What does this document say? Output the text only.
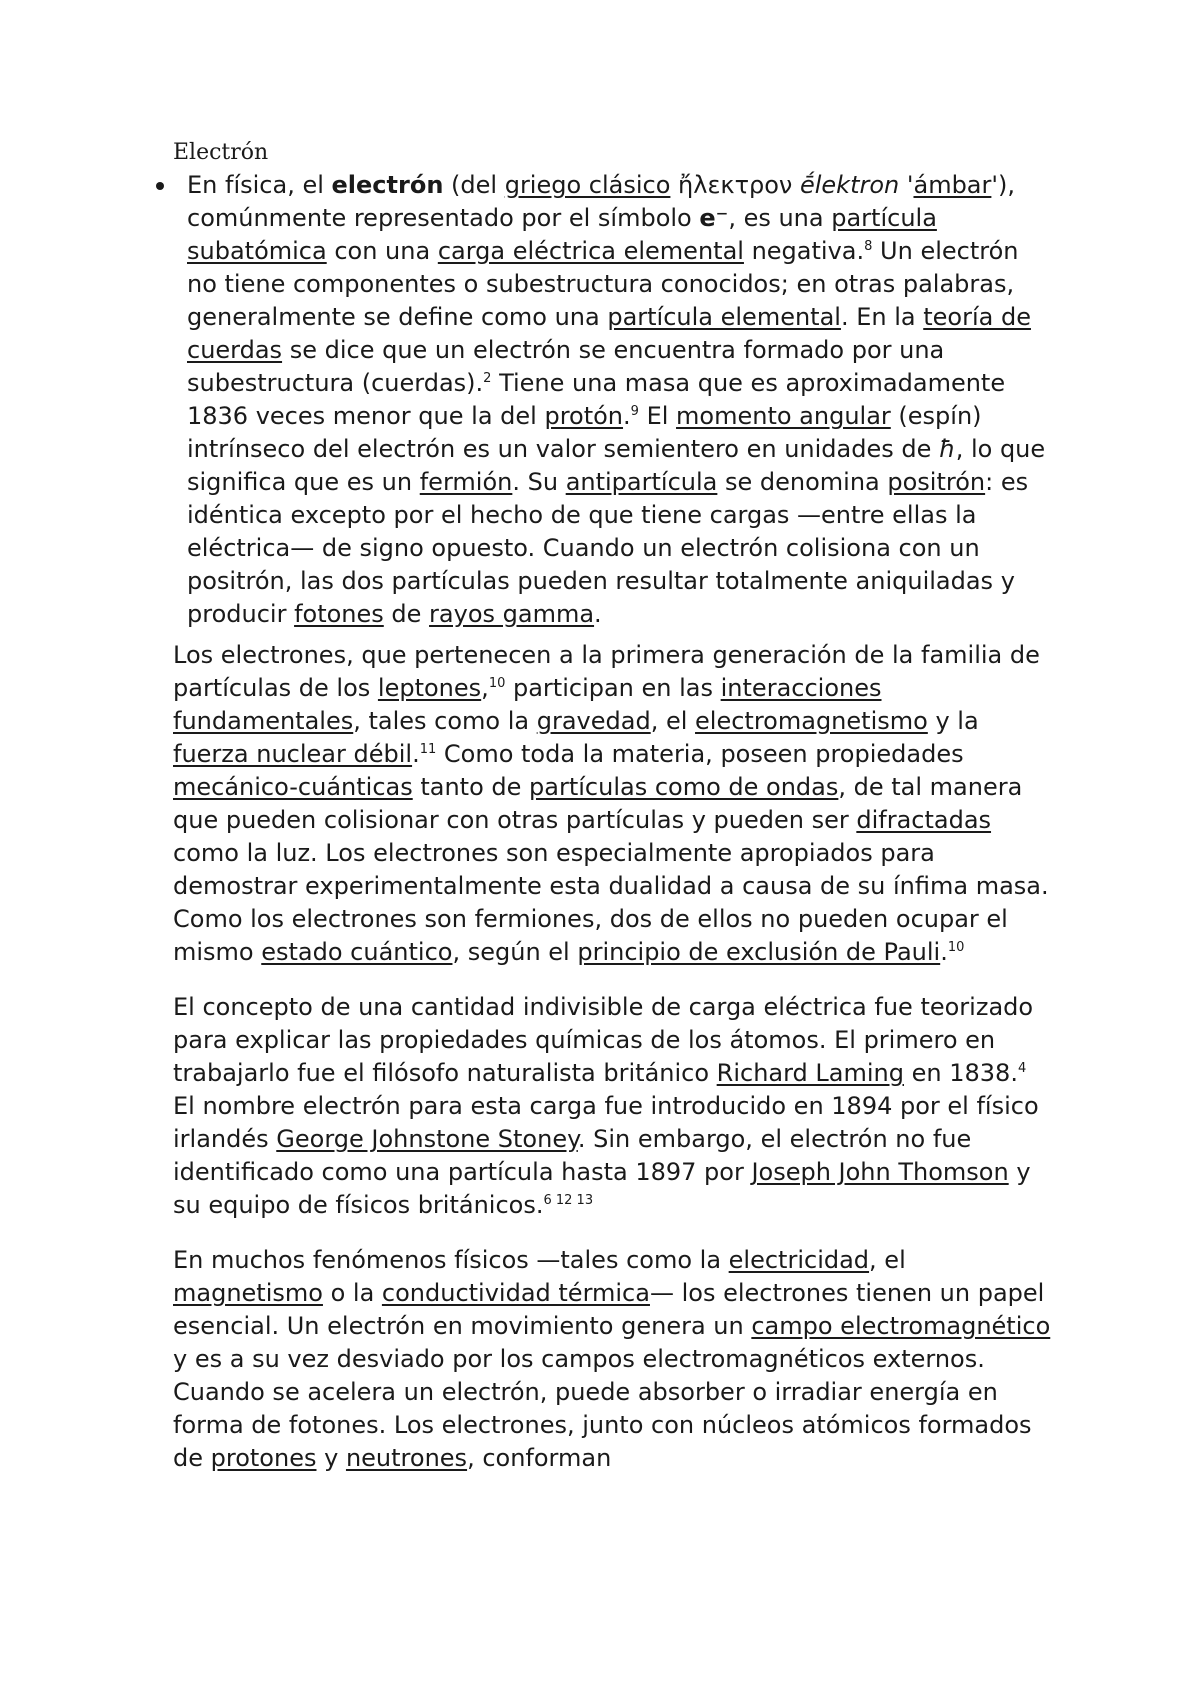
Electrón
En física, el electrón (del griego clásico ἤλεκτρον ḗlektron 'ámbar'), comúnmente representado por el símbolo e⁻, es una partícula subatómica con una carga eléctrica elemental negativa.$^8$ Un electrón no tiene componentes o subestructura conocidos; en otras palabras, generalmente se define como una partícula elemental. En la teoría de cuerdas se dice que un electrón se encuentra formado por una subestructura (cuerdas).$^2$ Tiene una masa que es aproximadamente 1836 veces menor que la del protón.$^9$ El momento angular (espín) intrínseco del electrón es un valor semientero en unidades de ħ, lo que significa que es un fermión. Su antipartícula se denomina positrón: es idéntica excepto por el hecho de que tiene cargas —entre ellas la eléctrica— de signo opuesto. Cuando un electrón colisiona con un positrón, las dos partículas pueden resultar totalmente aniquiladas y producir fotones de rayos gamma.

Los electrones, que pertenecen a la primera generación de la familia de partículas de los leptones,$^{10}$ participan en las interacciones fundamentales, tales como la gravedad, el electromagnetismo y la fuerza nuclear débil.$^{11}$ Como toda la materia, poseen propiedades mecánico-cuánticas tanto de partículas como de ondas, de tal manera que pueden colisionar con otras partículas y pueden ser difractadas como la luz. Los electrones son especialmente apropiados para demostrar experimentalmente esta dualidad a causa de su ínfima masa. Como los electrones son fermiones, dos de ellos no pueden ocupar el mismo estado cuántico, según el principio de exclusión de Pauli.$^{10}$

El concepto de una cantidad indivisible de carga eléctrica fue teorizado para explicar las propiedades químicas de los átomos. El primero en trabajarlo fue el filósofo naturalista británico Richard Laming en 1838.$^4$ El nombre electrón para esta carga fue introducido en 1894 por el físico irlandés George Johnstone Stoney. Sin embargo, el electrón no fue identificado como una partícula hasta 1897 por Joseph John Thomson y su equipo de físicos británicos.$^{6 12 13}$

En muchos fenómenos físicos —tales como la electricidad, el magnetismo o la conductividad térmica— los electrones tienen un papel esencial. Un electrón en movimiento genera un campo electromagnético y es a su vez desviado por los campos electromagnéticos externos. Cuando se acelera un electrón, puede absorber o irradiar energía en forma de fotones. Los electrones, junto con núcleos atómicos formados de protones y neutrones, conforman
